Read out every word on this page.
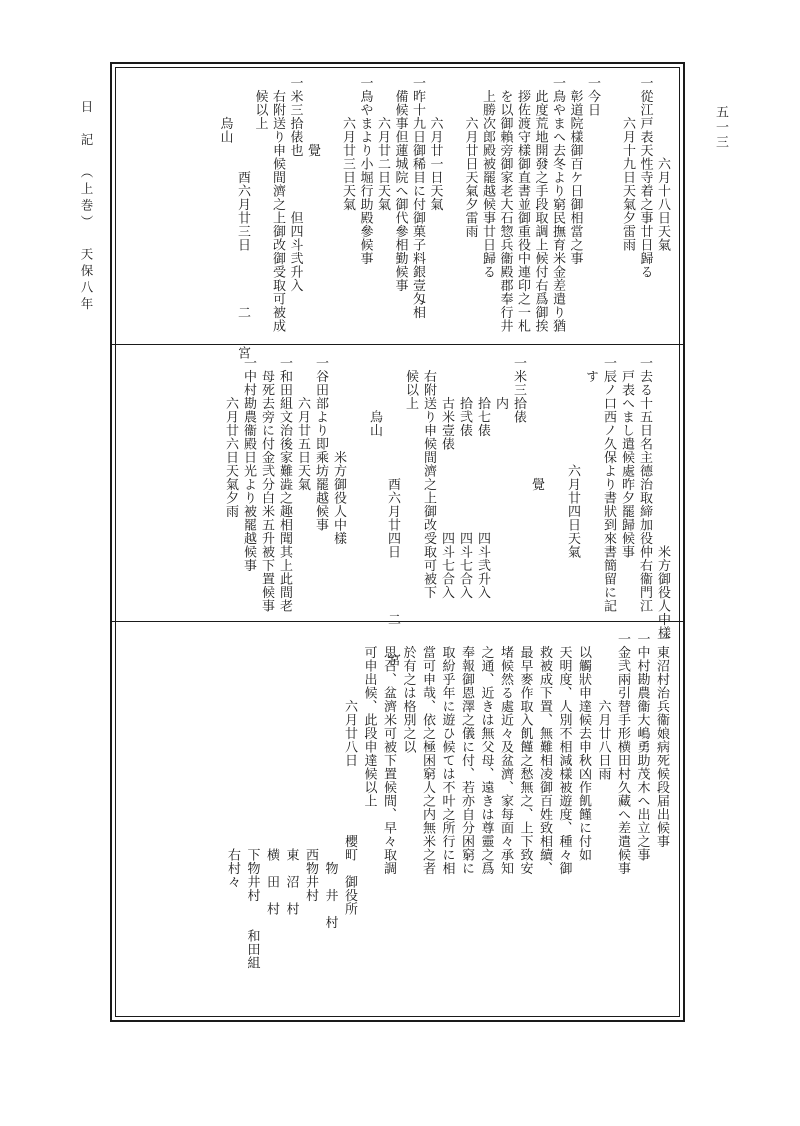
　　　　　　六月十八日天氣
一從江戸表天性寺着之事廿日歸る
　　　六月十九日天氣夕雷雨

一今日
　彰道院樣御百ケ日御相當之事
一鳥やまへ去冬より窮民撫育米金差遣り猶
　此度荒地開發之手段取調上候付右爲御挨
　拶佐渡守樣御直書並御重役中連印之一札
　を以御賴旁御家老大石惣兵衞殿郡奉行井
　上勝次郎殿被罷越候事廿日歸る
　　　六月廿日天氣夕雷雨

　　　六月廿一日天氣
一昨十九日御稀目に付御菓子料銀壹匁相
　備候事但蓮城院へ御代參相勤候事
　　　六月廿二日天氣
一鳥やまより小堀行助殿參候事
　　　六月廿三日天氣

　　　　　覺
一米三拾俵也　　　　但四斗弐升入
　右附送り申候間濟之上御改御受取可被成
　候以上
　　　　　　　酉六月廿三日　　　　二　　宮
　　　烏山
　　　　　　　　　　　　　　米方御役人中樣
一去る十五日名主德治取締加役仲右衞門江
　戸表へまし遣候處昨夕罷歸候事
一辰ノ口西ノ久保より書狀到來書簡留に記
　す
　　　　　　　　六月廿四日天氣

　　　　　　　　　覺
一米三拾俵
　　　内
　　　拾七俵　　　　　　　四斗弐升入
　　　拾弐俵　　　　　　　四斗七合入
　　　古米壹俵　　　　　　四斗七合入
　右附送り申候間濟之上御改受取可被下
　候以上
　　　　　　　　　酉六月廿四日　　　　二　　宮
　　　　烏山

　　　　　　　米方御役人中樣
一谷田部より即乘坊罷越候事
　　　六月廿五日天氣
一和田組文治後家難澁之趣相聞其上此間老
　母死去旁に付金弐分白米五升被下置候事
一中村勘農衞殿日光より被罷越候事
　　　六月廿六日天氣夕雨
一東沼村治兵衞娘病死候段届出候事
一中村勘農衞大嶋勇助茂木へ出立之事
一金弐兩引替手形横田村久藏へ差遣候事
　　　　　六月廿八日雨
　以觸狀申達候去申秋凶作飢饉に付如
　天明度、人別不相減樣被遊度、種々御
　救被成下置、無難相凌御百姓致相續、
　最早麥作取入飢饉之愁無之、上下致安
　堵候然る處近々及盆濟、家每面々承知
　之通、近きは無父母、遠きは尊靈之爲
　奉報御恩澤之儀に付、若亦自分困窮に
　取紛乎年に遊ひ候ては不叶之所行に相
　當可申哉、依之極困窮人之内無米之者
　於有之は格別之以
　思召、盆濟米可被下置候間、早々取調
　可申出候、此段申達候以上
　　　　　六月廿八日　　　　　櫻町　御役所
　　　　　　　　　　　　　　　　　物　井　村
　　　　　　　　　　　　　　　　西物井村
　　　　　　　　　　　　　　　　東　沼　村
　　　　　　　　　　　　　　　　横　田　村
　　　　　　　　　　　　　　　　下物井村　　和田組
　　　　　　　　　　　　　　　　右村々
日　記（上巻）天保八年
五一三
